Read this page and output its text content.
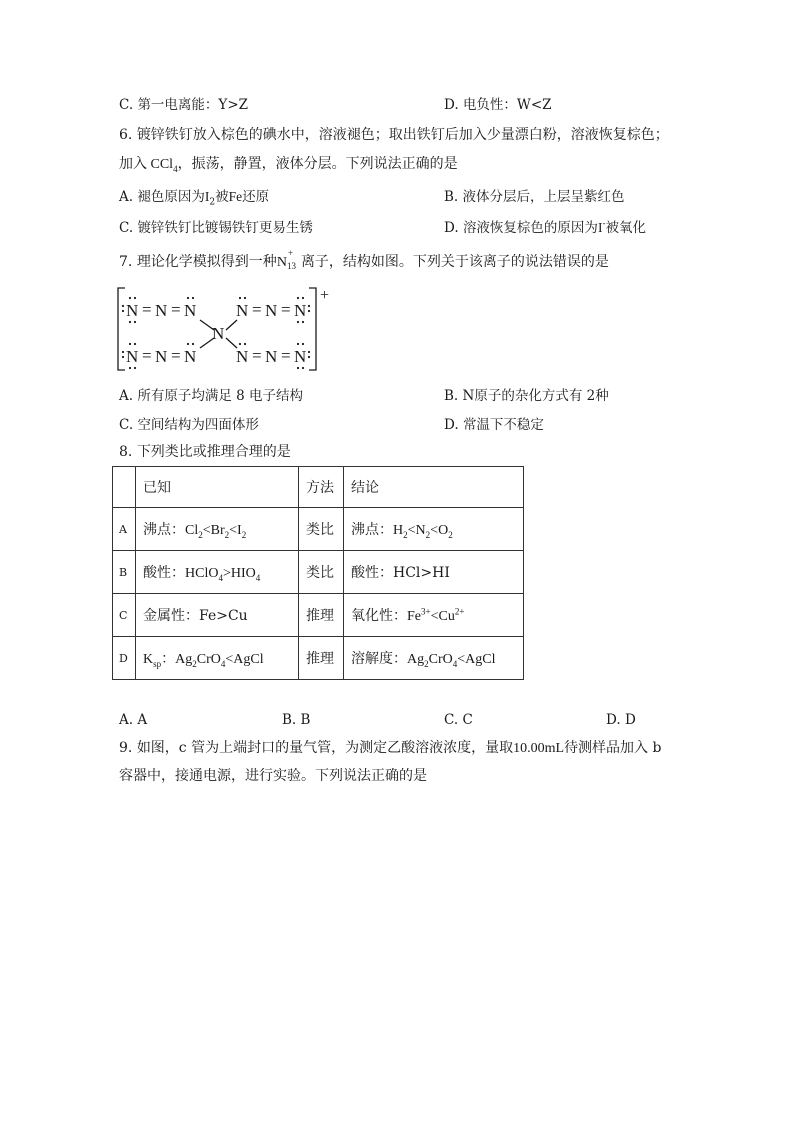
C. 第一电离能：Y>Z	D. 电负性：W<Z
6. 镀锌铁钉放入棕色的碘水中，溶液褪色；取出铁钉后加入少量漂白粉，溶液恢复棕色；
加入 CCl$_4$，振荡，静置，液体分层。下列说法正确的是
A. 褪色原因为$I_2$被Fe还原	B. 液体分层后，上层呈紫红色
C. 镀锌铁钉比镀锡铁钉更易生锈	D. 溶液恢复棕色的原因为I-被氧化
7. 理论化学模拟得到一种N
+
13 离子，结构如图。下列关于该离子的说法错误的是
N = N = N N = N = N
N
N = N = N N = N = N
+
A. 所有原子均满足 8 电子结构	B. N原子的杂化方式有 2种
C. 空间结构为四面体形	D. 常温下不稳定
8. 下列类比或推理合理的是
	已知	方法	结论
A	沸点：$Cl_2<Br_2<I_2$	类比	沸点：$H_2<N_2<O_2$
B	酸性：$HClO_4>HIO_4$	类比	酸性：HCl>HI
C	金属性：Fe>Cu	推理	氧化性：$Fe^{3+}<Cu^{2+}$
D	$K_{sp}$：$Ag_2CrO_4<AgCl$	推理	溶解度：$Ag_2CrO_4<AgCl$
A. A	B. B	C. C	D. D
9. 如图，c 管为上端封口的量气管，为测定乙酸溶液浓度，量取10.00mL待测样品加入 b
容器中，接通电源，进行实验。下列说法正确的是
